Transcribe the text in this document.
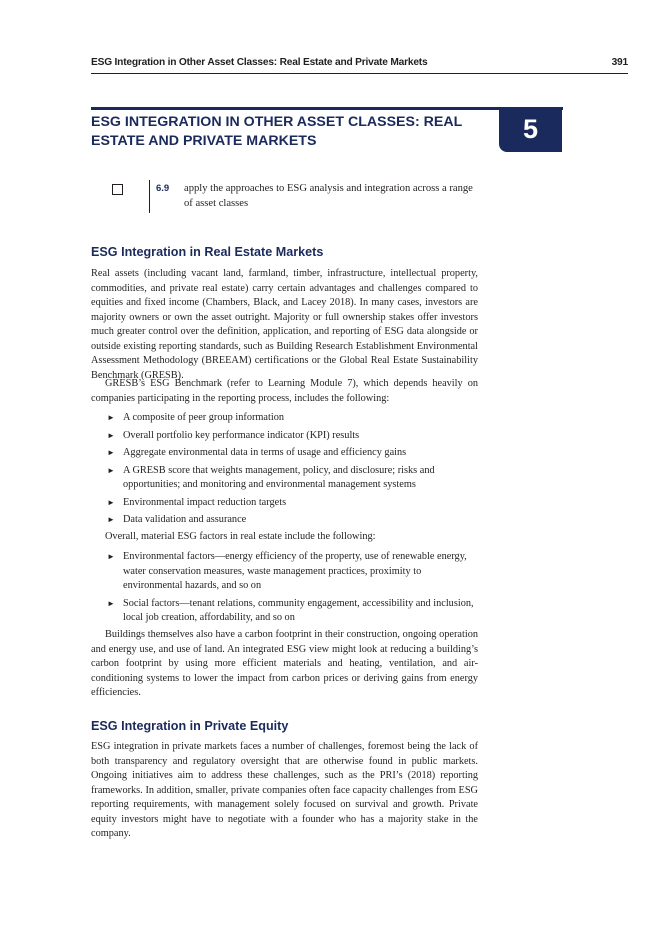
ESG Integration in Other Asset Classes: Real Estate and Private Markets	391
5
ESG INTEGRATION IN OTHER ASSET CLASSES: REAL ESTATE AND PRIVATE MARKETS
6.9 apply the approaches to ESG analysis and integration across a range of asset classes
ESG Integration in Real Estate Markets

Real assets (including vacant land, farmland, timber, infrastructure, intellectual property, commodities, and private real estate) carry certain advantages and challenges compared to equities and fixed income (Chambers, Black, and Lacey 2018). In many cases, investors are majority owners or own the asset outright. Majority or full ownership stakes offer investors much greater control over the definition, application, and reporting of ESG data alongside or outside existing reporting standards, such as Building Research Establishment Environmental Assessment Methodology (BREEAM) certifications or the Global Real Estate Sustainability Benchmark (GRESB).

GRESB’s ESG Benchmark (refer to Learning Module 7), which depends heavily on companies participating in the reporting process, includes the following:

► A composite of peer group information
► Overall portfolio key performance indicator (KPI) results
► Aggregate environmental data in terms of usage and efficiency gains
► A GRESB score that weights management, policy, and disclosure; risks and opportunities; and monitoring and environmental management systems
► Environmental impact reduction targets
► Data validation and assurance

Overall, material ESG factors in real estate include the following:

► Environmental factors—energy efficiency of the property, use of renewable energy, water conservation measures, waste management practices, proximity to environmental hazards, and so on
► Social factors—tenant relations, community engagement, accessibility and inclusion, local job creation, affordability, and so on

Buildings themselves also have a carbon footprint in their construction, ongoing operation and energy use, and use of land. An integrated ESG view might look at reducing a building’s carbon footprint by using more efficient materials and heating, ventilation, and air-conditioning systems to lower the impact from carbon prices or deriving gains from energy efficiencies.

ESG Integration in Private Equity

ESG integration in private markets faces a number of challenges, foremost being the lack of both transparency and regulatory oversight that are otherwise found in public markets. Ongoing initiatives aim to address these challenges, such as the PRI’s (2018) reporting frameworks. In addition, smaller, private companies often face capacity challenges from ESG reporting requirements, with management solely focused on survival and growth. Private equity investors might have to negotiate with a founder who has a majority stake in the company.
